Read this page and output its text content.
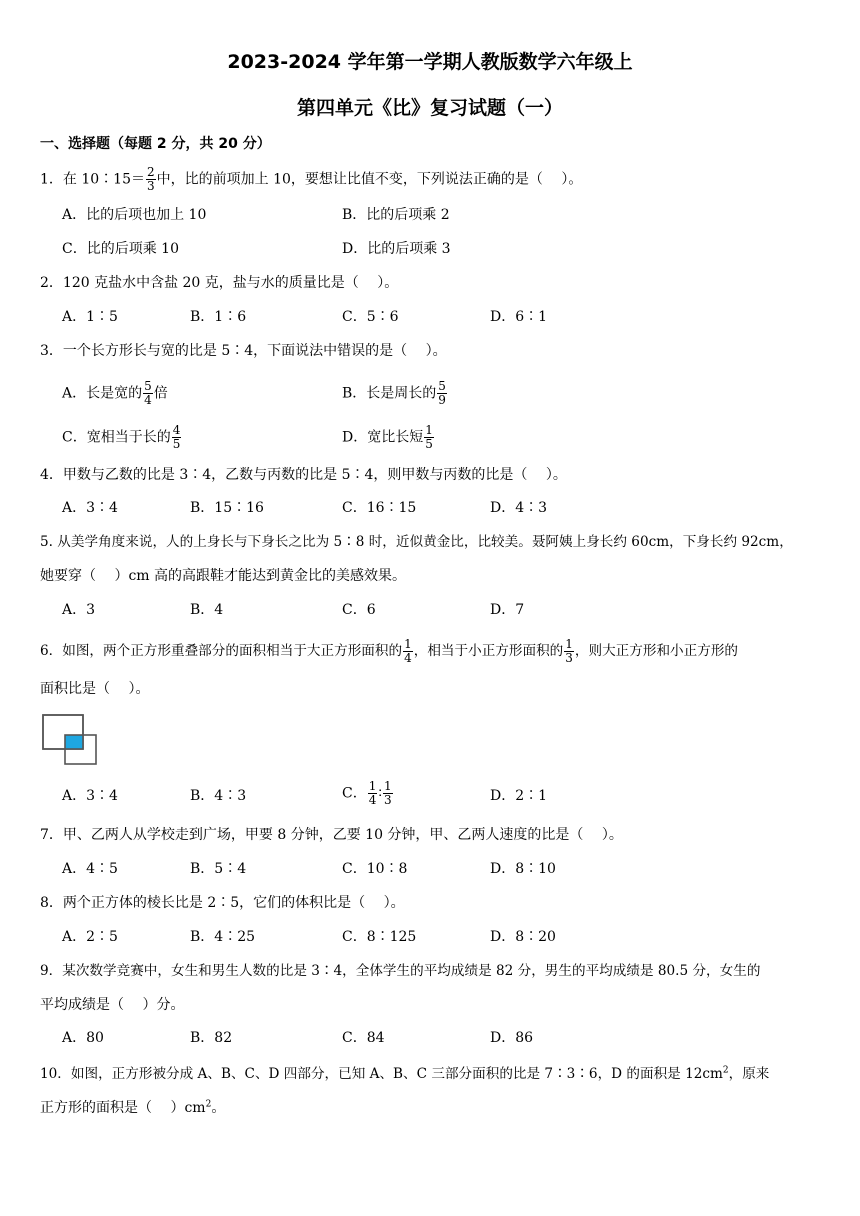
2023-2024 学年第一学期人教版数学六年级上
第四单元《比》复习试题（一）
一、选择题（每题 2 分，共 20 分）
1．在 10∶15＝ $\frac{2}{3}$ 中，比的前项加上 10，要想让比值不变，下列说法正确的是（　 ）。
A．比的后项也加上 10	B．比的后项乘 2
C．比的后项乘 10	D．比的后项乘 3
2．120 克盐水中含盐 20 克，盐与水的质量比是（　 ）。
A．1∶5	B．1∶6	C．5∶6	D．6∶1
3．一个长方形长与宽的比是 5∶4，下面说法中错误的是（　 ）。
A．长是宽的 $\frac{5}{4}$ 倍	B．长是周长的 $\frac{5}{9}$
C．宽相当于长的 $\frac{4}{5}$	D．宽比长短 $\frac{1}{5}$
4．甲数与乙数的比是 3∶4，乙数与丙数的比是 5∶4，则甲数与丙数的比是（　 ）。
A．3∶4	B．15∶16	C．16∶15	D．4∶3
5. 从美学角度来说，人的上身长与下身长之比为 5∶8 时，近似黄金比，比较美。聂阿姨上身长约 60cm，下身长约 92cm，
她要穿（　 ）cm 高的高跟鞋才能达到黄金比的美感效果。
A．3	B．4	C．6	D．7
6．如图，两个正方形重叠部分的面积相当于大正方形面积的 $\frac{1}{4}$ ，相当于小正方形面积的 $\frac{1}{3}$ ，则大正方形和小正方形的
面积比是（　 ）。
A．3∶4	B．4∶3	C． $\frac{1}{4}$ ∶ $\frac{1}{3}$	D．2∶1
7．甲、乙两人从学校走到广场，甲要 8 分钟，乙要 10 分钟，甲、乙两人速度的比是（　 ）。
A．4∶5	B．5∶4	C．10∶8	D．8∶10
8．两个正方体的棱长比是 2∶5，它们的体积比是（　 ）。
A．2∶5	B．4∶25	C．8∶125	D．8∶20
9．某次数学竞赛中，女生和男生人数的比是 3∶4，全体学生的平均成绩是 82 分，男生的平均成绩是 80.5 分，女生的
平均成绩是（　 ）分。
A．80	B．82	C．84	D．86
10．如图，正方形被分成 A、B、C、D 四部分，已知 A、B、C 三部分面积的比是 7∶3∶6，D 的面积是 $12cm^2$，原来
正方形的面积是（　 ）$cm^2$。
